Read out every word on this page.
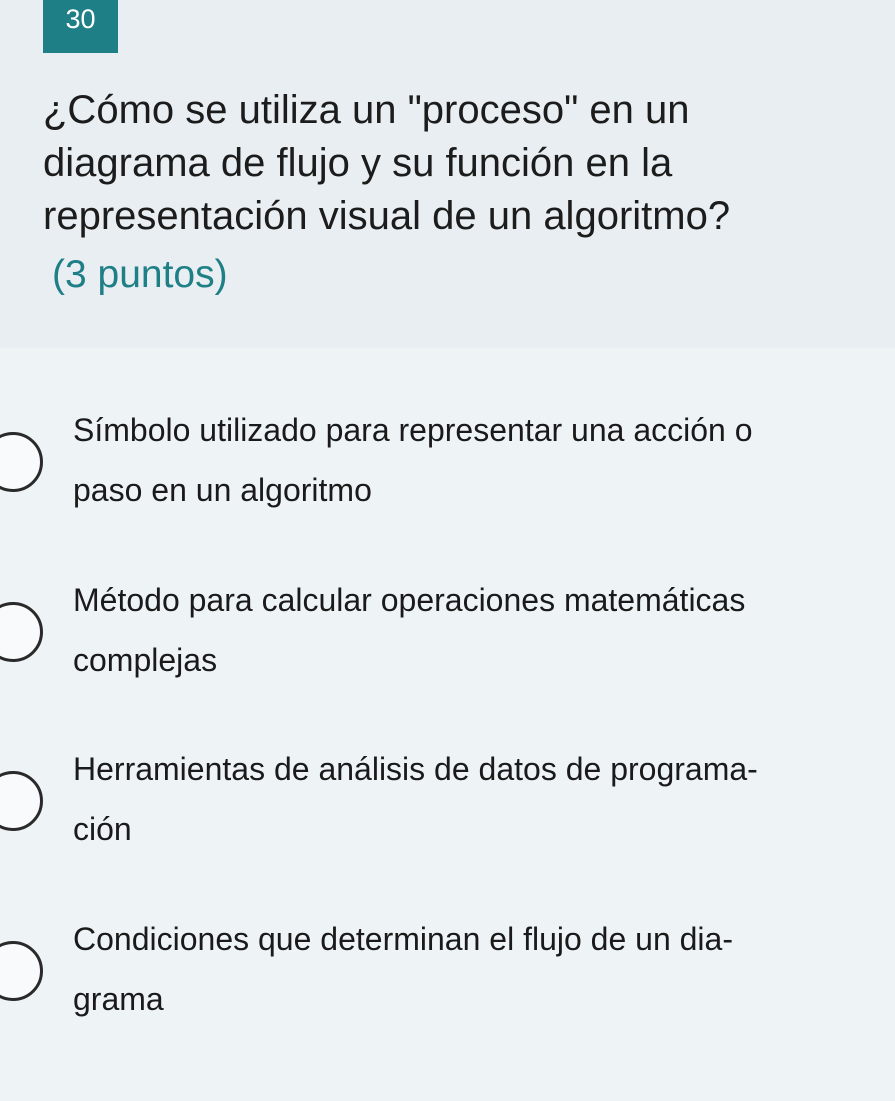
30
¿Cómo se utiliza un "proceso" en un diagrama de flujo y su función en la representación visual de un algoritmo?
(3 puntos)
Símbolo utilizado para representar una acción o
paso en un algoritmo
Método para calcular operaciones matemáticas
complejas
Herramientas de análisis de datos de programa-
ción
Condiciones que determinan el flujo de un dia-
grama
